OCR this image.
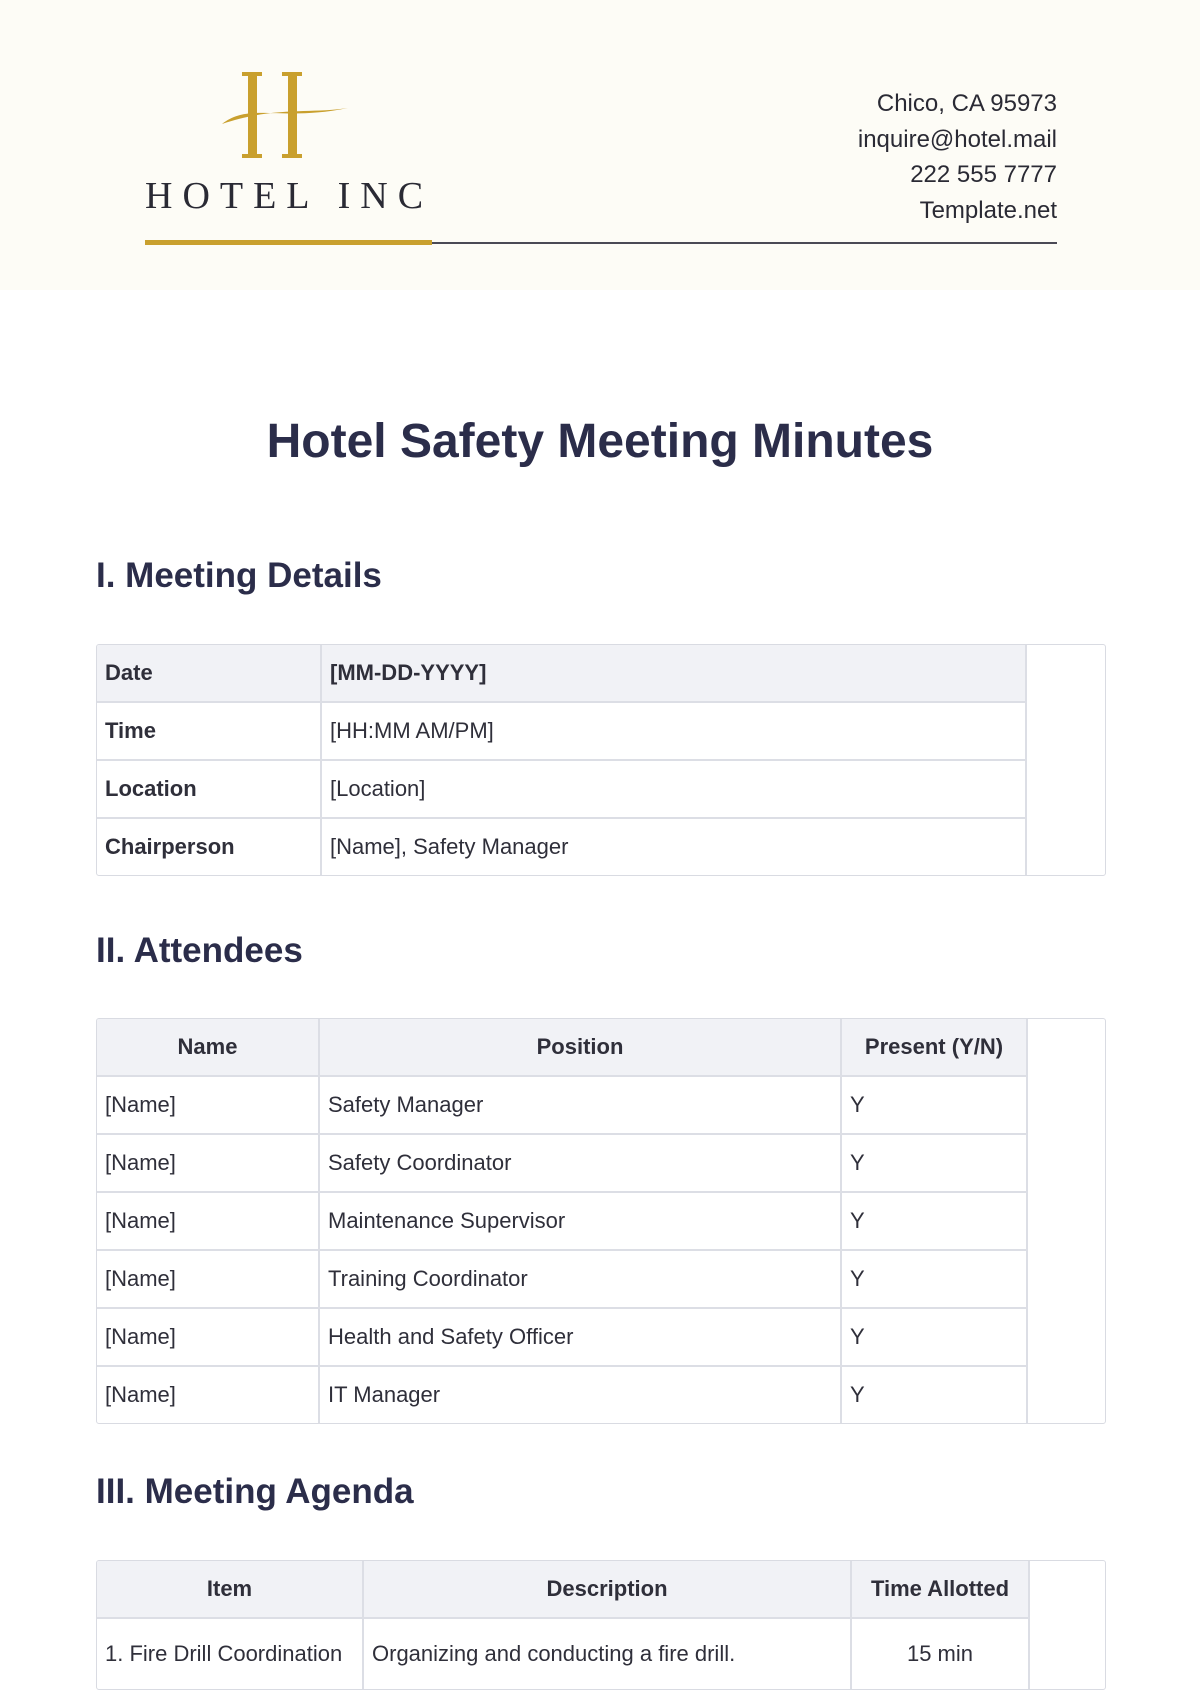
HOTEL INC
Chico, CA 95973
inquire@hotel.mail
222 555 7777
Template.net
Hotel Safety Meeting Minutes
I. Meeting Details
Date	[MM-DD-YYYY]
Time	[HH:MM AM/PM]
Location	[Location]
Chairperson	[Name], Safety Manager
II. Attendees
Name	Position	Present (Y/N)
[Name]	Safety Manager	Y
[Name]	Safety Coordinator	Y
[Name]	Maintenance Supervisor	Y
[Name]	Training Coordinator	Y
[Name]	Health and Safety Officer	Y
[Name]	IT Manager	Y
III. Meeting Agenda
Item	Description	Time Allotted
1. Fire Drill Coordination	Organizing and conducting a fire drill.	15 min
